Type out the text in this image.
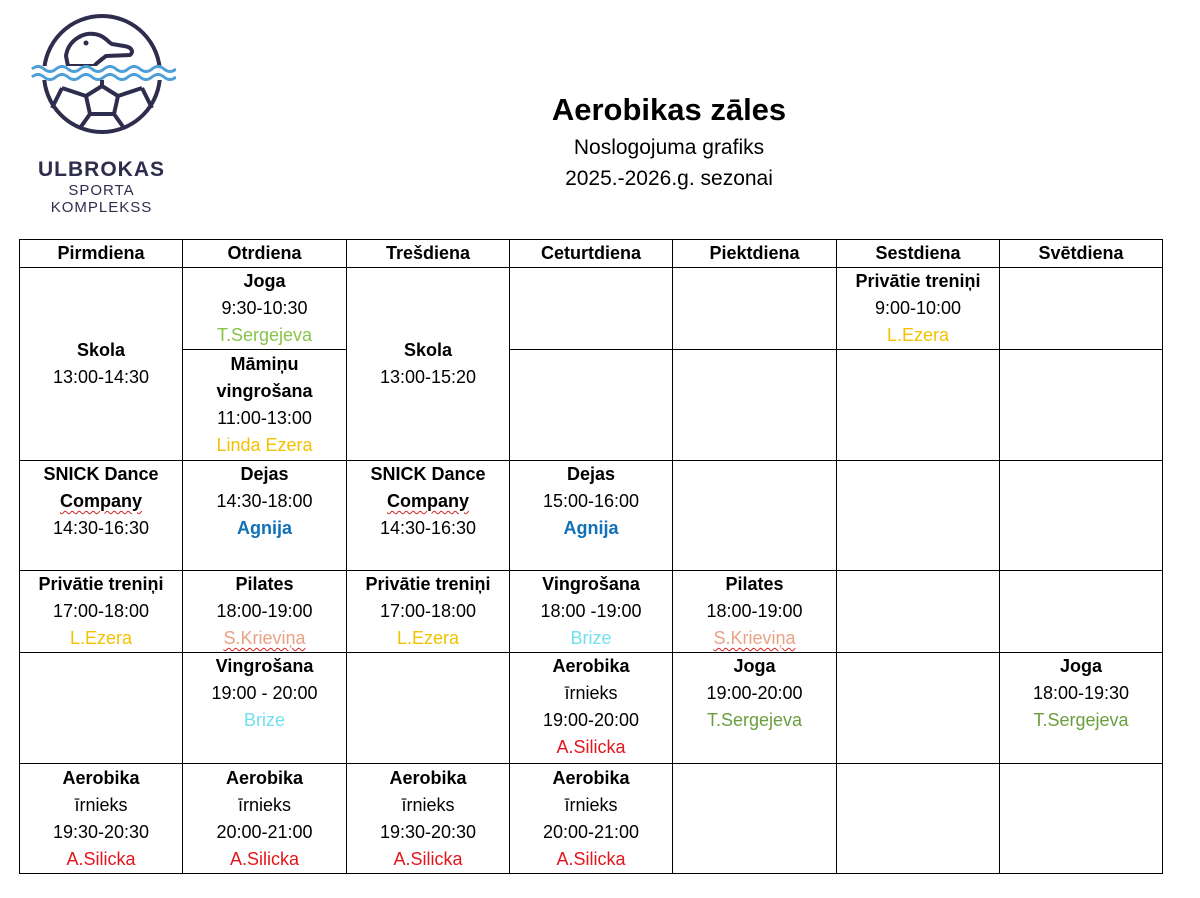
ULBROKAS
SPORTA
KOMPLEKSS
Aerobikas zāles
Noslogojuma grafiks
2025.-2026.g. sezonai
Pirmdiena	Otrdiena	Trešdiena	Ceturtdiena	Piektdiena	Sestdiena	Svētdiena

Skola
13:00-14:30	Joga
9:30-10:30
T.Sergejeva	Skola
13:00-15:20			Privātie treniņi
9:00-10:00
L.Ezera	

	Māmiņu
vingrošana
11:00-13:00
Linda Ezera					

SNICK Dance
Company
14:30-16:30	Dejas
14:30-18:00
Agnija	SNICK Dance
Company
14:30-16:30	Dejas
15:00-16:00
Agnija			

Privātie treniņi
17:00-18:00
L.Ezera	Pilates
18:00-19:00
S.Krieviņa	Privātie treniņi
17:00-18:00
L.Ezera	Vingrošana
18:00 -19:00
Brize	Pilates
18:00-19:00
S.Krieviņa		

	Vingrošana
19:00 - 20:00
Brize		Aerobika
īrnieks
19:00-20:00
A.Silicka	Joga
19:00-20:00
T.Sergejeva		Joga
18:00-19:30
T.Sergejeva

Aerobika
īrnieks
19:30-20:30
A.Silicka	Aerobika
īrnieks
20:00-21:00
A.Silicka	Aerobika
īrnieks
19:30-20:30
A.Silicka	Aerobika
īrnieks
20:00-21:00
A.Silicka			
